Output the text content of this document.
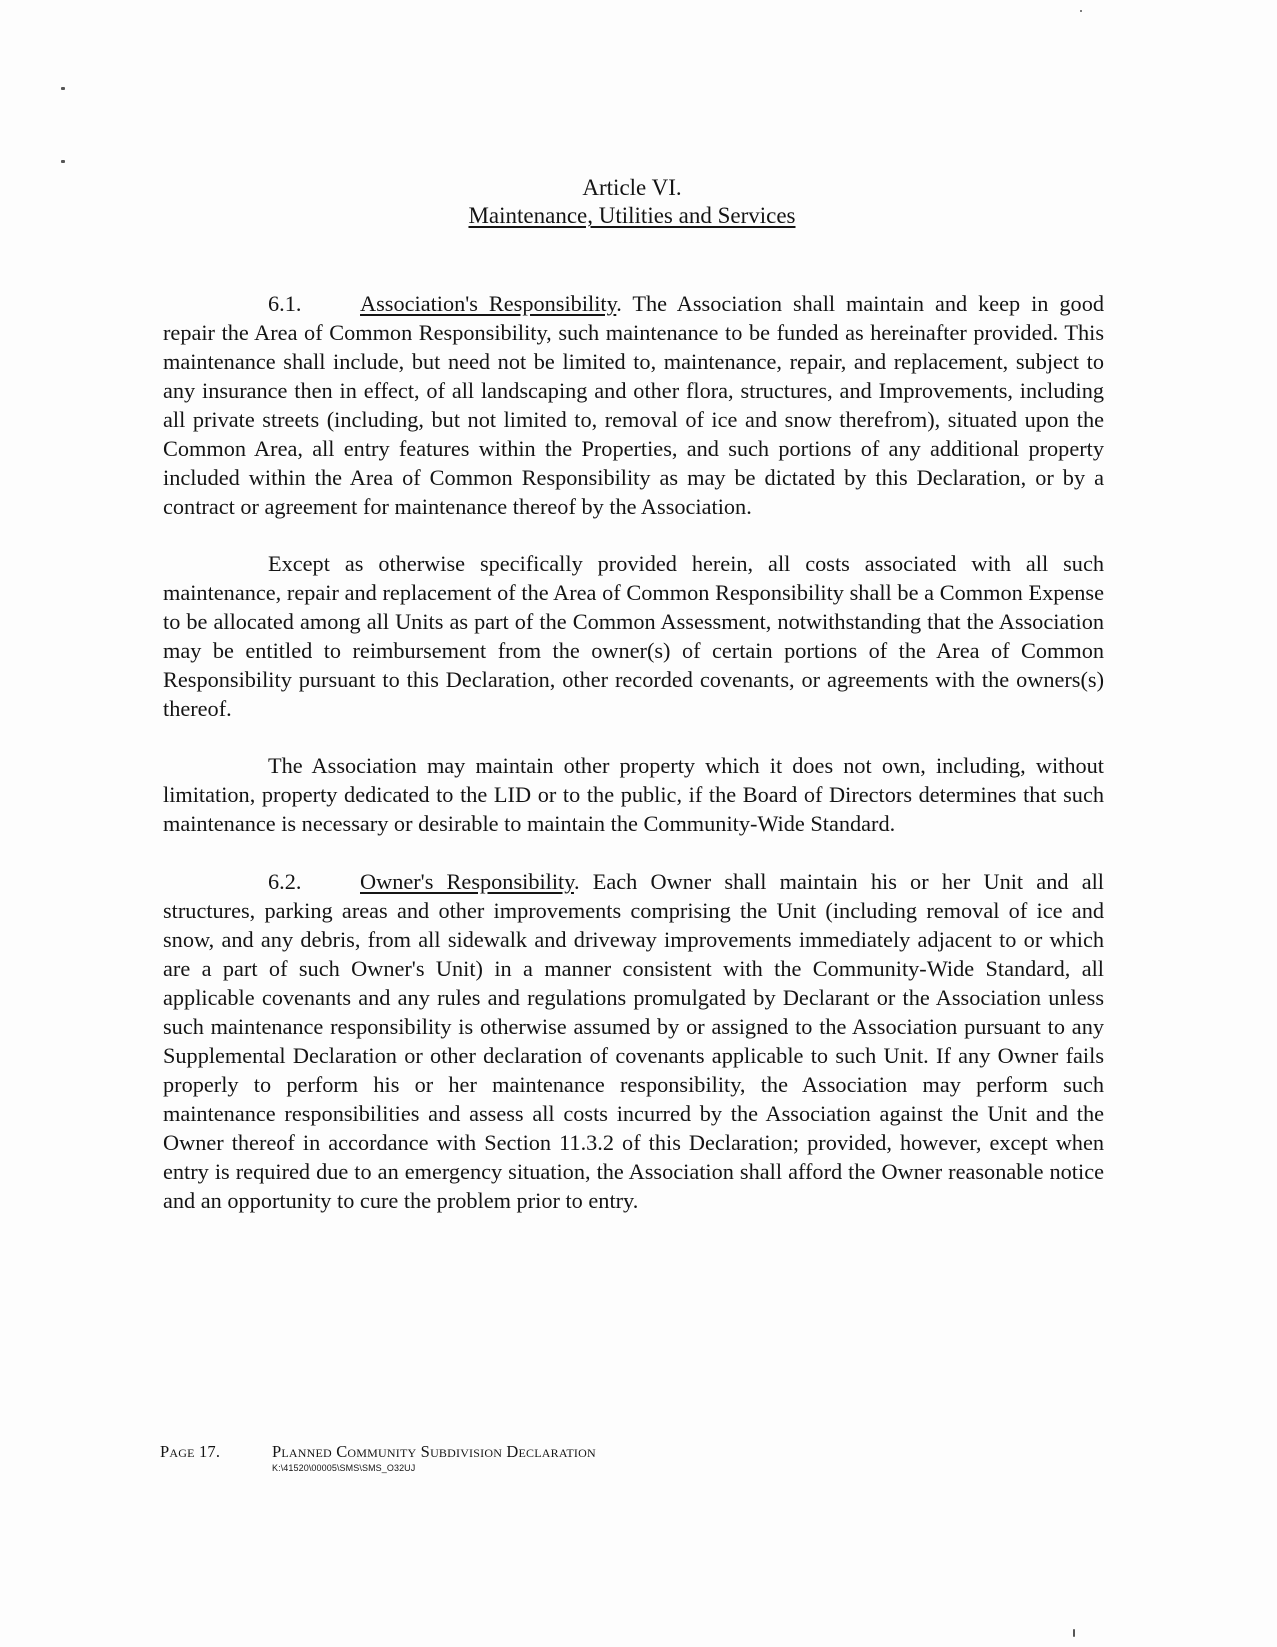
Article VI.
Maintenance, Utilities and Services

6.1.	Association's Responsibility. The Association shall maintain and keep in good repair the Area of Common Responsibility, such maintenance to be funded as hereinafter provided. This maintenance shall include, but need not be limited to, maintenance, repair, and replacement, subject to any insurance then in effect, of all landscaping and other flora, structures, and Improvements, including all private streets (including, but not limited to, removal of ice and snow therefrom), situated upon the Common Area, all entry features within the Properties, and such portions of any additional property included within the Area of Common Responsibility as may be dictated by this Declaration, or by a contract or agreement for maintenance thereof by the Association.

Except as otherwise specifically provided herein, all costs associated with all such maintenance, repair and replacement of the Area of Common Responsibility shall be a Common Expense to be allocated among all Units as part of the Common Assessment, notwithstanding that the Association may be entitled to reimbursement from the owner(s) of certain portions of the Area of Common Responsibility pursuant to this Declaration, other recorded covenants, or agreements with the owners(s) thereof.

The Association may maintain other property which it does not own, including, without limitation, property dedicated to the LID or to the public, if the Board of Directors determines that such maintenance is necessary or desirable to maintain the Community-Wide Standard.

6.2.	Owner's Responsibility. Each Owner shall maintain his or her Unit and all structures, parking areas and other improvements comprising the Unit (including removal of ice and snow, and any debris, from all sidewalk and driveway improvements immediately adjacent to or which are a part of such Owner's Unit) in a manner consistent with the Community-Wide Standard, all applicable covenants and any rules and regulations promulgated by Declarant or the Association unless such maintenance responsibility is otherwise assumed by or assigned to the Association pursuant to any Supplemental Declaration or other declaration of covenants applicable to such Unit. If any Owner fails properly to perform his or her maintenance responsibility, the Association may perform such maintenance responsibilities and assess all costs incurred by the Association against the Unit and the Owner thereof in accordance with Section 11.3.2 of this Declaration; provided, however, except when entry is required due to an emergency situation, the Association shall afford the Owner reasonable notice and an opportunity to cure the problem prior to entry.

Page 17.	Planned Community Subdivision Declaration
K:\41520\00005\SMS\SMS_O32UJ
